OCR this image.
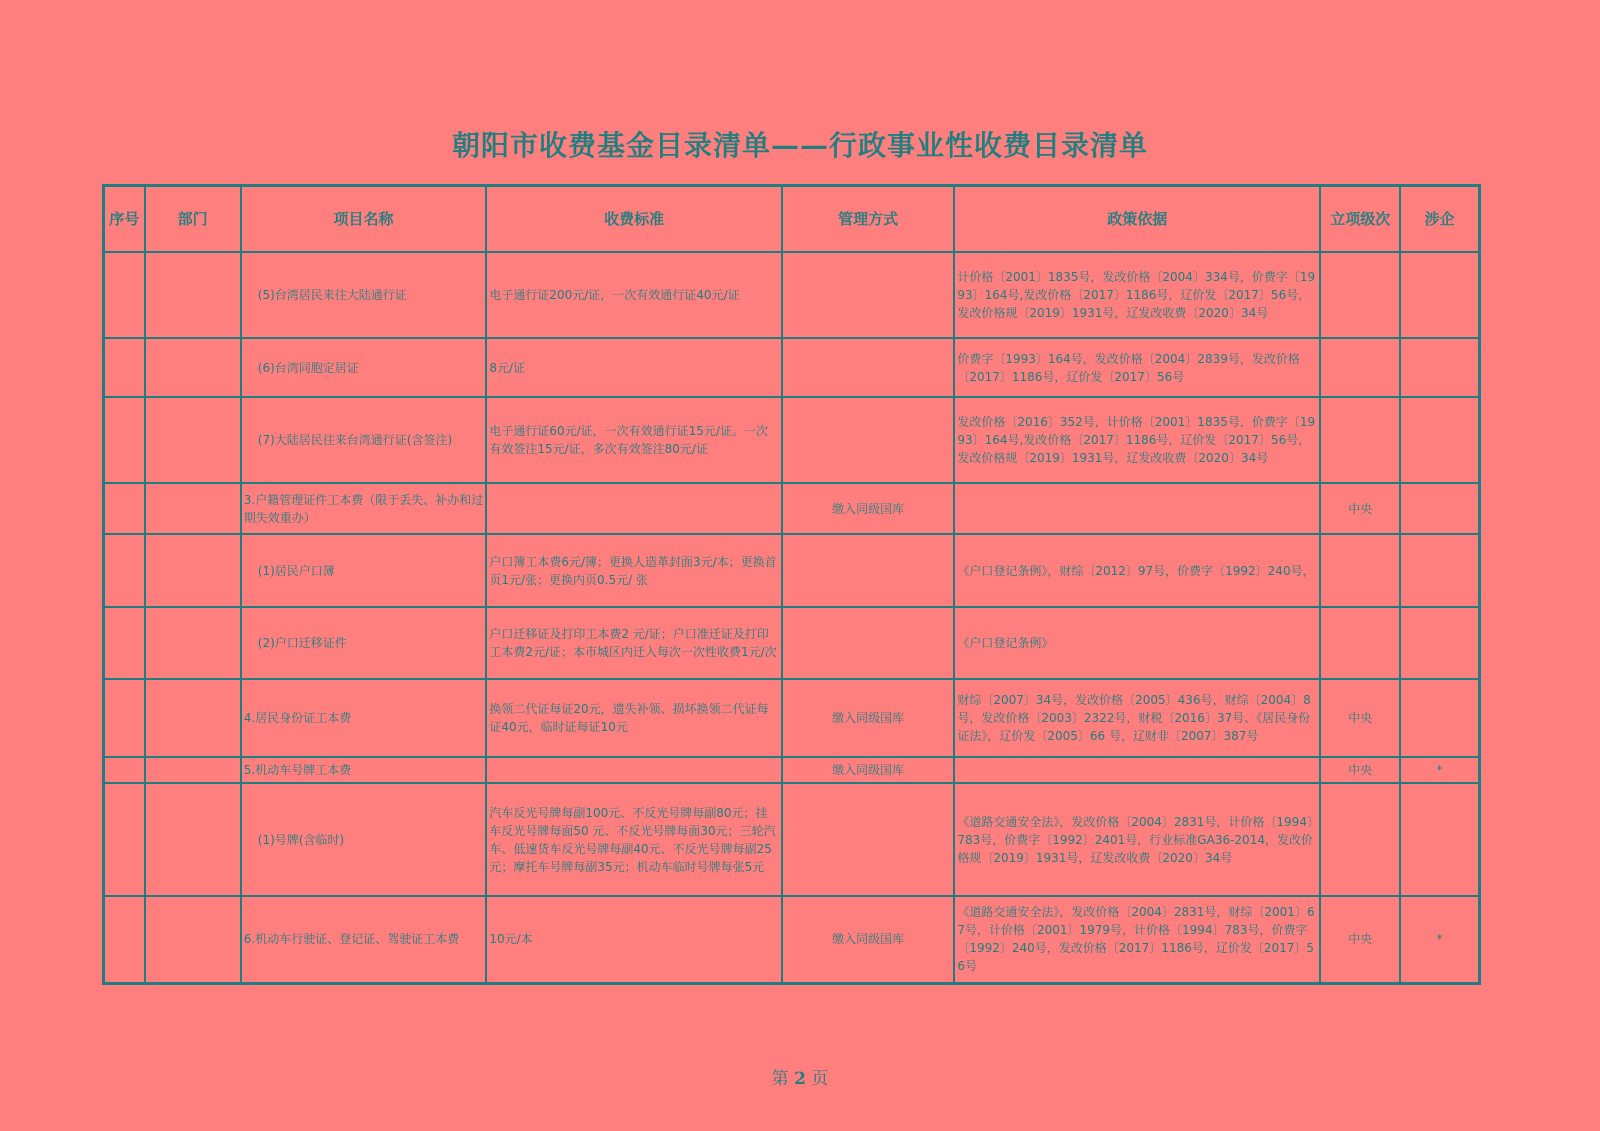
朝阳市收费基金目录清单——行政事业性收费目录清单
序号	部门	项目名称	收费标准	管理方式	政策依据	立项级次	涉企
		(5)台湾居民来往大陆通行证	电子通行证200元/证，一次有效通行证40元/证		计价格〔2001〕1835号，发改价格〔2004〕334号，价费字〔1993〕164号,发改价格〔2017〕1186号，辽价发〔2017〕56号，发改价格规〔2019〕1931号，辽发改收费〔2020〕34号		
		(6)台湾同胞定居证	8元/证		价费字〔1993〕164号，发改价格〔2004〕2839号，发改价格〔2017〕1186号，辽价发〔2017〕56号		
		(7)大陆居民往来台湾通行证(含签注)	电子通行证60元/证，一次有效通行证15元/证。一次有效签注15元/证，多次有效签注80元/证		发改价格〔2016〕352号，计价格〔2001〕1835号，价费字〔1993〕164号,发改价格〔2017〕1186号，辽价发〔2017〕56号，发改价格规〔2019〕1931号，辽发改收费〔2020〕34号		
		3.户籍管理证件工本费（限于丢失、补办和过期失效重办）		缴入同级国库		中央	
		(1)居民户口簿	户口簿工本费6元/簿；更换人造革封面3元/本；更换首页1元/张；更换内页0.5元/ 张		《户口登记条例》，财综〔2012〕97号，价费字〔1992〕240号，		
		(2)户口迁移证件	户口迁移证及打印工本费2 元/证；户口准迁证及打印工本费2元/证；本市城区内迁入每次一次性收费1元/次		《户口登记条例》		
		4.居民身份证工本费	换领二代证每证20元，遗失补领、损坏换领二代证每证40元，临时证每证10元	缴入同级国库	财综〔2007〕34号，发改价格〔2005〕436号，财综〔2004〕8号，发改价格〔2003〕2322号，财税〔2016〕37号、《居民身份证法》，辽价发〔2005〕66 号，辽财非〔2007〕387号	中央	
		5.机动车号牌工本费		缴入同级国库		中央	*
		(1)号牌(含临时)	汽车反光号牌每副100元、不反光号牌每副80元；挂车反光号牌每面50 元、不反光号牌每面30元；三轮汽车、低速货车反光号牌每副40元、不反光号牌每副25元；摩托车号牌每副35元；机动车临时号牌每张5元		《道路交通安全法》，发改价格〔2004〕2831号，计价格〔1994〕783号，价费字〔1992〕2401号，行业标准GA36-2014，发改价格规〔2019〕1931号，辽发改收费〔2020〕34号		
		6.机动车行驶证、登记证、驾驶证工本费	10元/本	缴入同级国库	《道路交通安全法》，发改价格〔2004〕2831号，财综〔2001〕67号，计价格〔2001〕1979号，计价格〔1994〕783号，价费字〔1992〕240号，发改价格〔2017〕1186号，辽价发〔2017〕56号	中央	*
第 2 页
